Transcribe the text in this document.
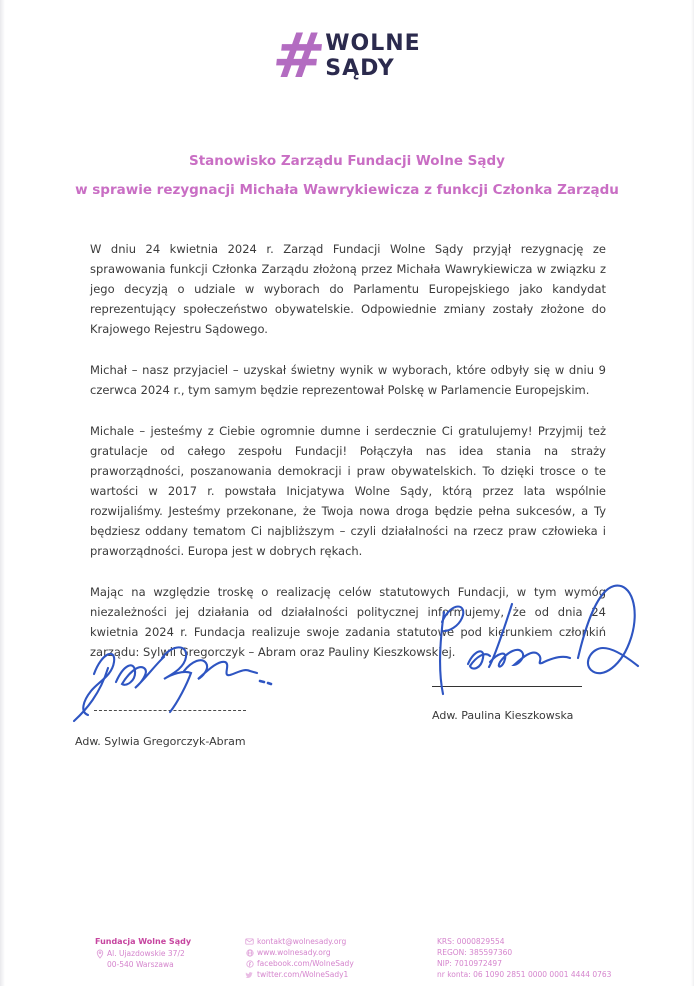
#
WOLNE
SĄDY
Stanowisko Zarządu Fundacji Wolne Sądy
w sprawie rezygnacji Michała Wawrykiewicza z funkcji Członka Zarządu

W dniu 24 kwietnia 2024 r. Zarząd Fundacji Wolne Sądy przyjął rezygnację ze sprawowania funkcji Członka Zarządu złożoną przez Michała Wawrykiewicza w związku z jego decyzją o udziale w wyborach do Parlamentu Europejskiego jako kandydat reprezentujący społeczeństwo obywatelskie. Odpowiednie zmiany zostały złożone do Krajowego Rejestru Sądowego.

Michał – nasz przyjaciel – uzyskał świetny wynik w wyborach, które odbyły się w dniu 9 czerwca 2024 r., tym samym będzie reprezentował Polskę w Parlamencie Europejskim.

Michale – jesteśmy z Ciebie ogromnie dumne i serdecznie Ci gratulujemy! Przyjmij też gratulacje od całego zespołu Fundacji! Połączyła nas idea stania na straży praworządności, poszanowania demokracji i praw obywatelskich. To dzięki trosce o te wartości w 2017 r. powstała Inicjatywa Wolne Sądy, którą przez lata wspólnie rozwijaliśmy. Jesteśmy przekonane, że Twoja nowa droga będzie pełna sukcesów, a Ty będziesz oddany tematom Ci najbliższym – czyli działalności na rzecz praw człowieka i praworządności. Europa jest w dobrych rękach.

Mając na względzie troskę o realizację celów statutowych Fundacji, w tym wymóg niezależności jej działania od działalności politycznej informujemy, że od dnia 24 kwietnia 2024 r. Fundacja realizuje swoje zadania statutowe pod kierunkiem członkiń zarządu: Sylwii Gregorczyk – Abram oraz Pauliny Kieszkowskiej.

Adw. Sylwia Gregorczyk-Abram
Adw. Paulina Kieszkowska
Fundacja Wolne Sądy
Al. Ujazdowskie 37/2
00-540 Warszawa
kontakt@wolnesady.org
www.wolnesady.org
facebook.com/WolneSady
twitter.com/WolneSady1
KRS: 0000829554
REGON: 385597360
NIP: 7010972497
nr konta: 06 1090 2851 0000 0001 4444 0763
